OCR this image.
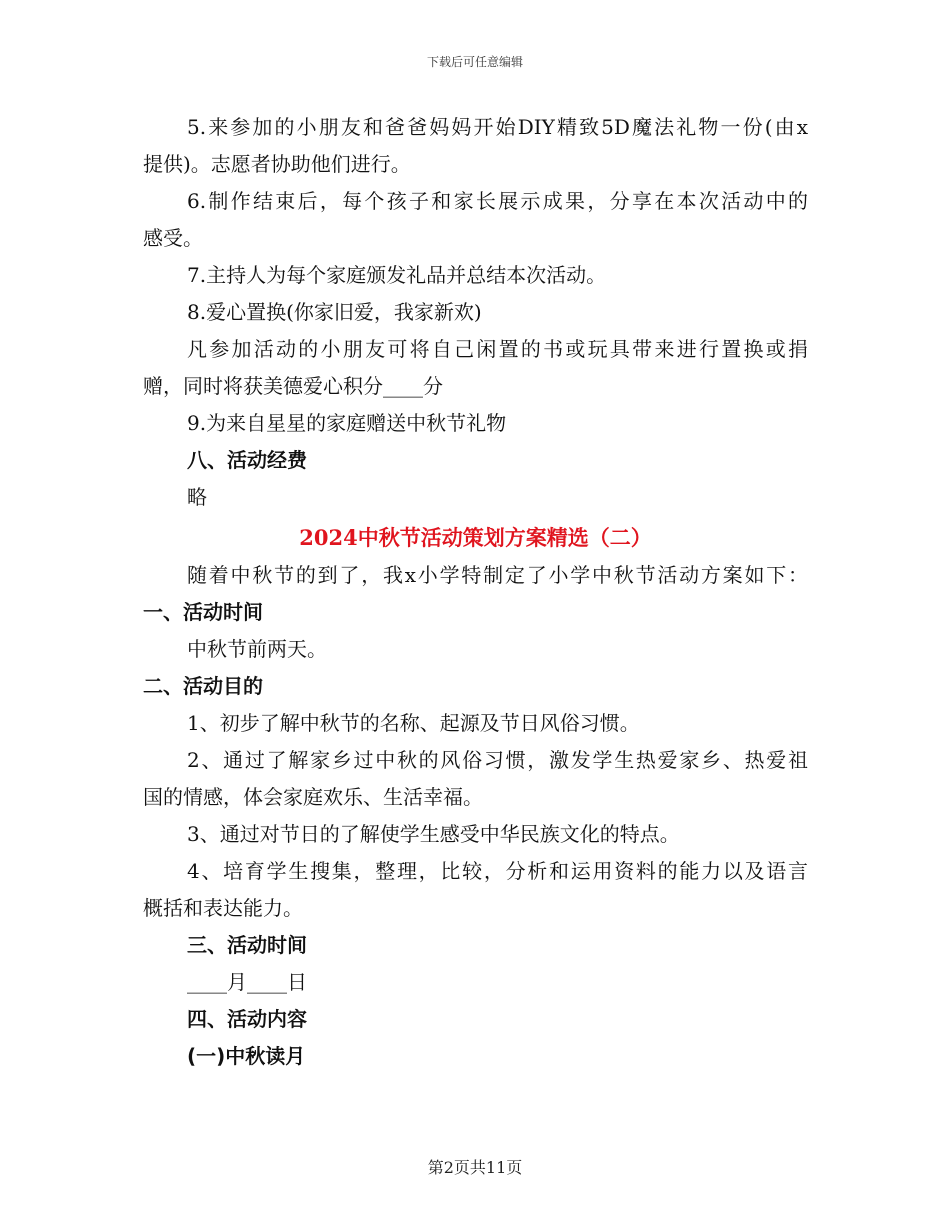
下载后可任意编辑
5.来参加的小朋友和爸爸妈妈开始DIY精致5D魔法礼物一份(由x
提供)。志愿者协助他们进行。
6.制作结束后，每个孩子和家长展示成果，分享在本次活动中的
感受。
7.主持人为每个家庭颁发礼品并总结本次活动。
8.爱心置换(你家旧爱，我家新欢)
凡参加活动的小朋友可将自己闲置的书或玩具带来进行置换或捐
赠，同时将获美德爱心积分____分
9.为来自星星的家庭赠送中秋节礼物
八、活动经费
略
2024中秋节活动策划方案精选（二）
随着中秋节的到了，我x小学特制定了小学中秋节活动方案如下：
一、活动时间
中秋节前两天。
二、活动目的
1、初步了解中秋节的名称、起源及节日风俗习惯。
2、通过了解家乡过中秋的风俗习惯，激发学生热爱家乡、热爱祖
国的情感，体会家庭欢乐、生活幸福。
3、通过对节日的了解使学生感受中华民族文化的特点。
4、培育学生搜集，整理，比较，分析和运用资料的能力以及语言
概括和表达能力。
三、活动时间
____月____日
四、活动内容
(一)中秋读月
第2页共11页
